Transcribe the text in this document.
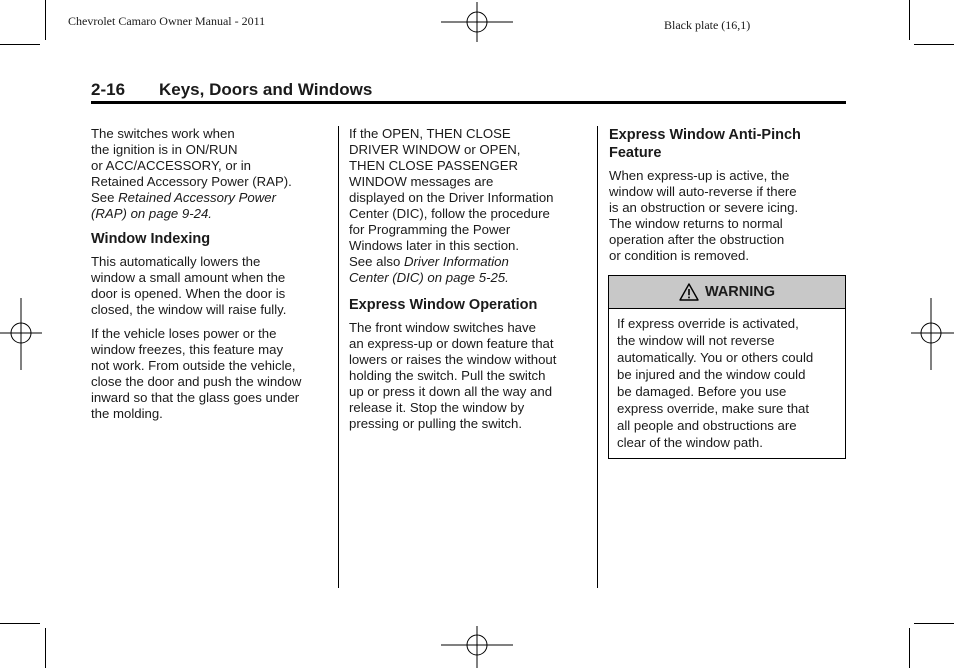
Chevrolet Camaro Owner Manual - 2011	Black plate (16,1)
2-16 Keys, Doors and Windows

The switches work when
the ignition is in ON/RUN
or ACC/ACCESSORY, or in
Retained Accessory Power (RAP).
See Retained Accessory Power
(RAP) on page 9-24.

Window Indexing

This automatically lowers the
window a small amount when the
door is opened. When the door is
closed, the window will raise fully.

If the vehicle loses power or the
window freezes, this feature may
not work. From outside the vehicle,
close the door and push the window
inward so that the glass goes under
the molding.

If the OPEN, THEN CLOSE
DRIVER WINDOW or OPEN,
THEN CLOSE PASSENGER
WINDOW messages are
displayed on the Driver Information
Center (DIC), follow the procedure
for Programming the Power
Windows later in this section.
See also Driver Information
Center (DIC) on page 5-25.

Express Window Operation

The front window switches have
an express-up or down feature that
lowers or raises the window without
holding the switch. Pull the switch
up or press it down all the way and
release it. Stop the window by
pressing or pulling the switch.

Express Window Anti-Pinch
Feature

When express-up is active, the
window will auto-reverse if there
is an obstruction or severe icing.
The window returns to normal
operation after the obstruction
or condition is removed.

WARNING
If express override is activated,
the window will not reverse
automatically. You or others could
be injured and the window could
be damaged. Before you use
express override, make sure that
all people and obstructions are
clear of the window path.
